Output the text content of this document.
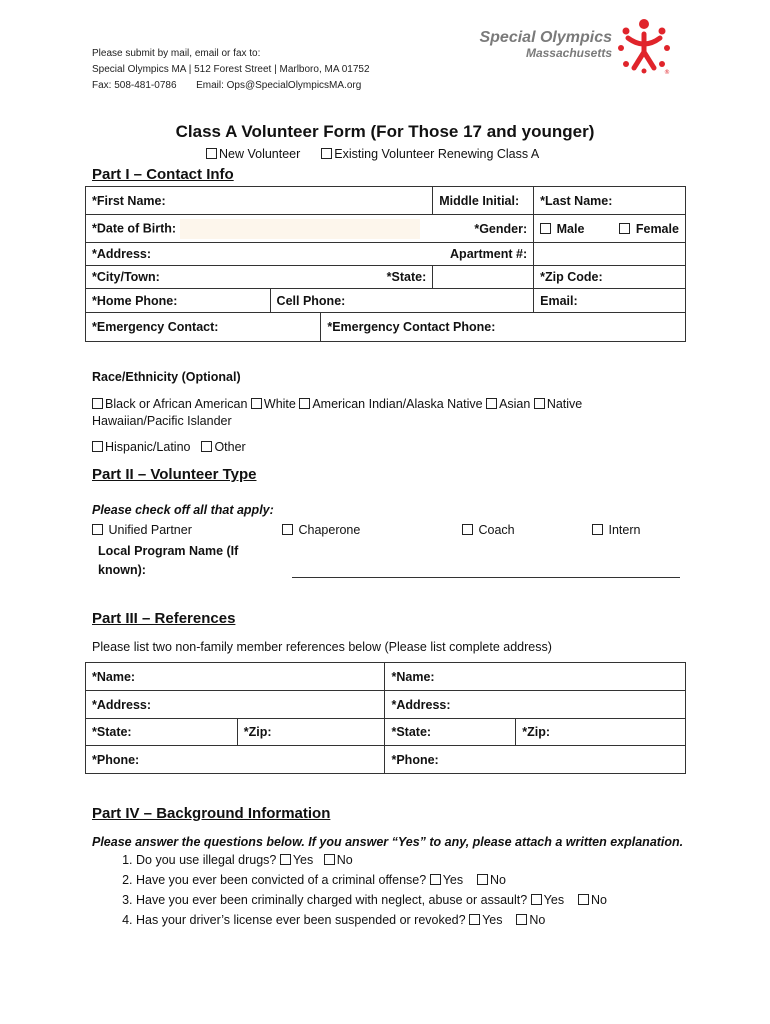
Please submit by mail, email or fax to:
Special Olympics MA | 512 Forest Street | Marlboro, MA 01752
Fax: 508-481-0786 Email: Ops@SpecialOlympicsMA.org
Special Olympics
Massachusetts
®
Class A Volunteer Form (For Those 17 and younger)
New Volunteer	Existing Volunteer Renewing Class A
Part I – Contact Info
*First Name:			Middle Initial:	*Last Name:
*Date of Birth: *Gender:				Male Female
*Address: Apartment #:				

*City/Town: *State:				*Zip Code:
*Home Phone:	Cell Phone:			Email:
*Emergency Contact:		*Emergency Contact Phone:		
Race/Ethnicity (Optional)
Black or African American White American Indian/Alaska Native Asian Native
Hawaiian/Pacific Islander
Hispanic/Latino Other
Part II – Volunteer Type
Please check off all that apply:
Unified Partner	Chaperone	Coach	Intern
Local Program Name (If
known):
Part III – References
Please list two non-family member references below (Please list complete address)
*Name:		*Name:	
*Address:		*Address:	
*State:	*Zip:	*State:	*Zip:
*Phone:		*Phone:	
Part IV – Background Information
Please answer the questions below. If you answer “Yes” to any, please attach a written explanation.
1. Do you use illegal drugs? Yes No
2. Have you ever been convicted of a criminal offense? Yes No
3. Have you ever been criminally charged with neglect, abuse or assault? Yes No
4. Has your driver’s license ever been suspended or revoked? Yes No
